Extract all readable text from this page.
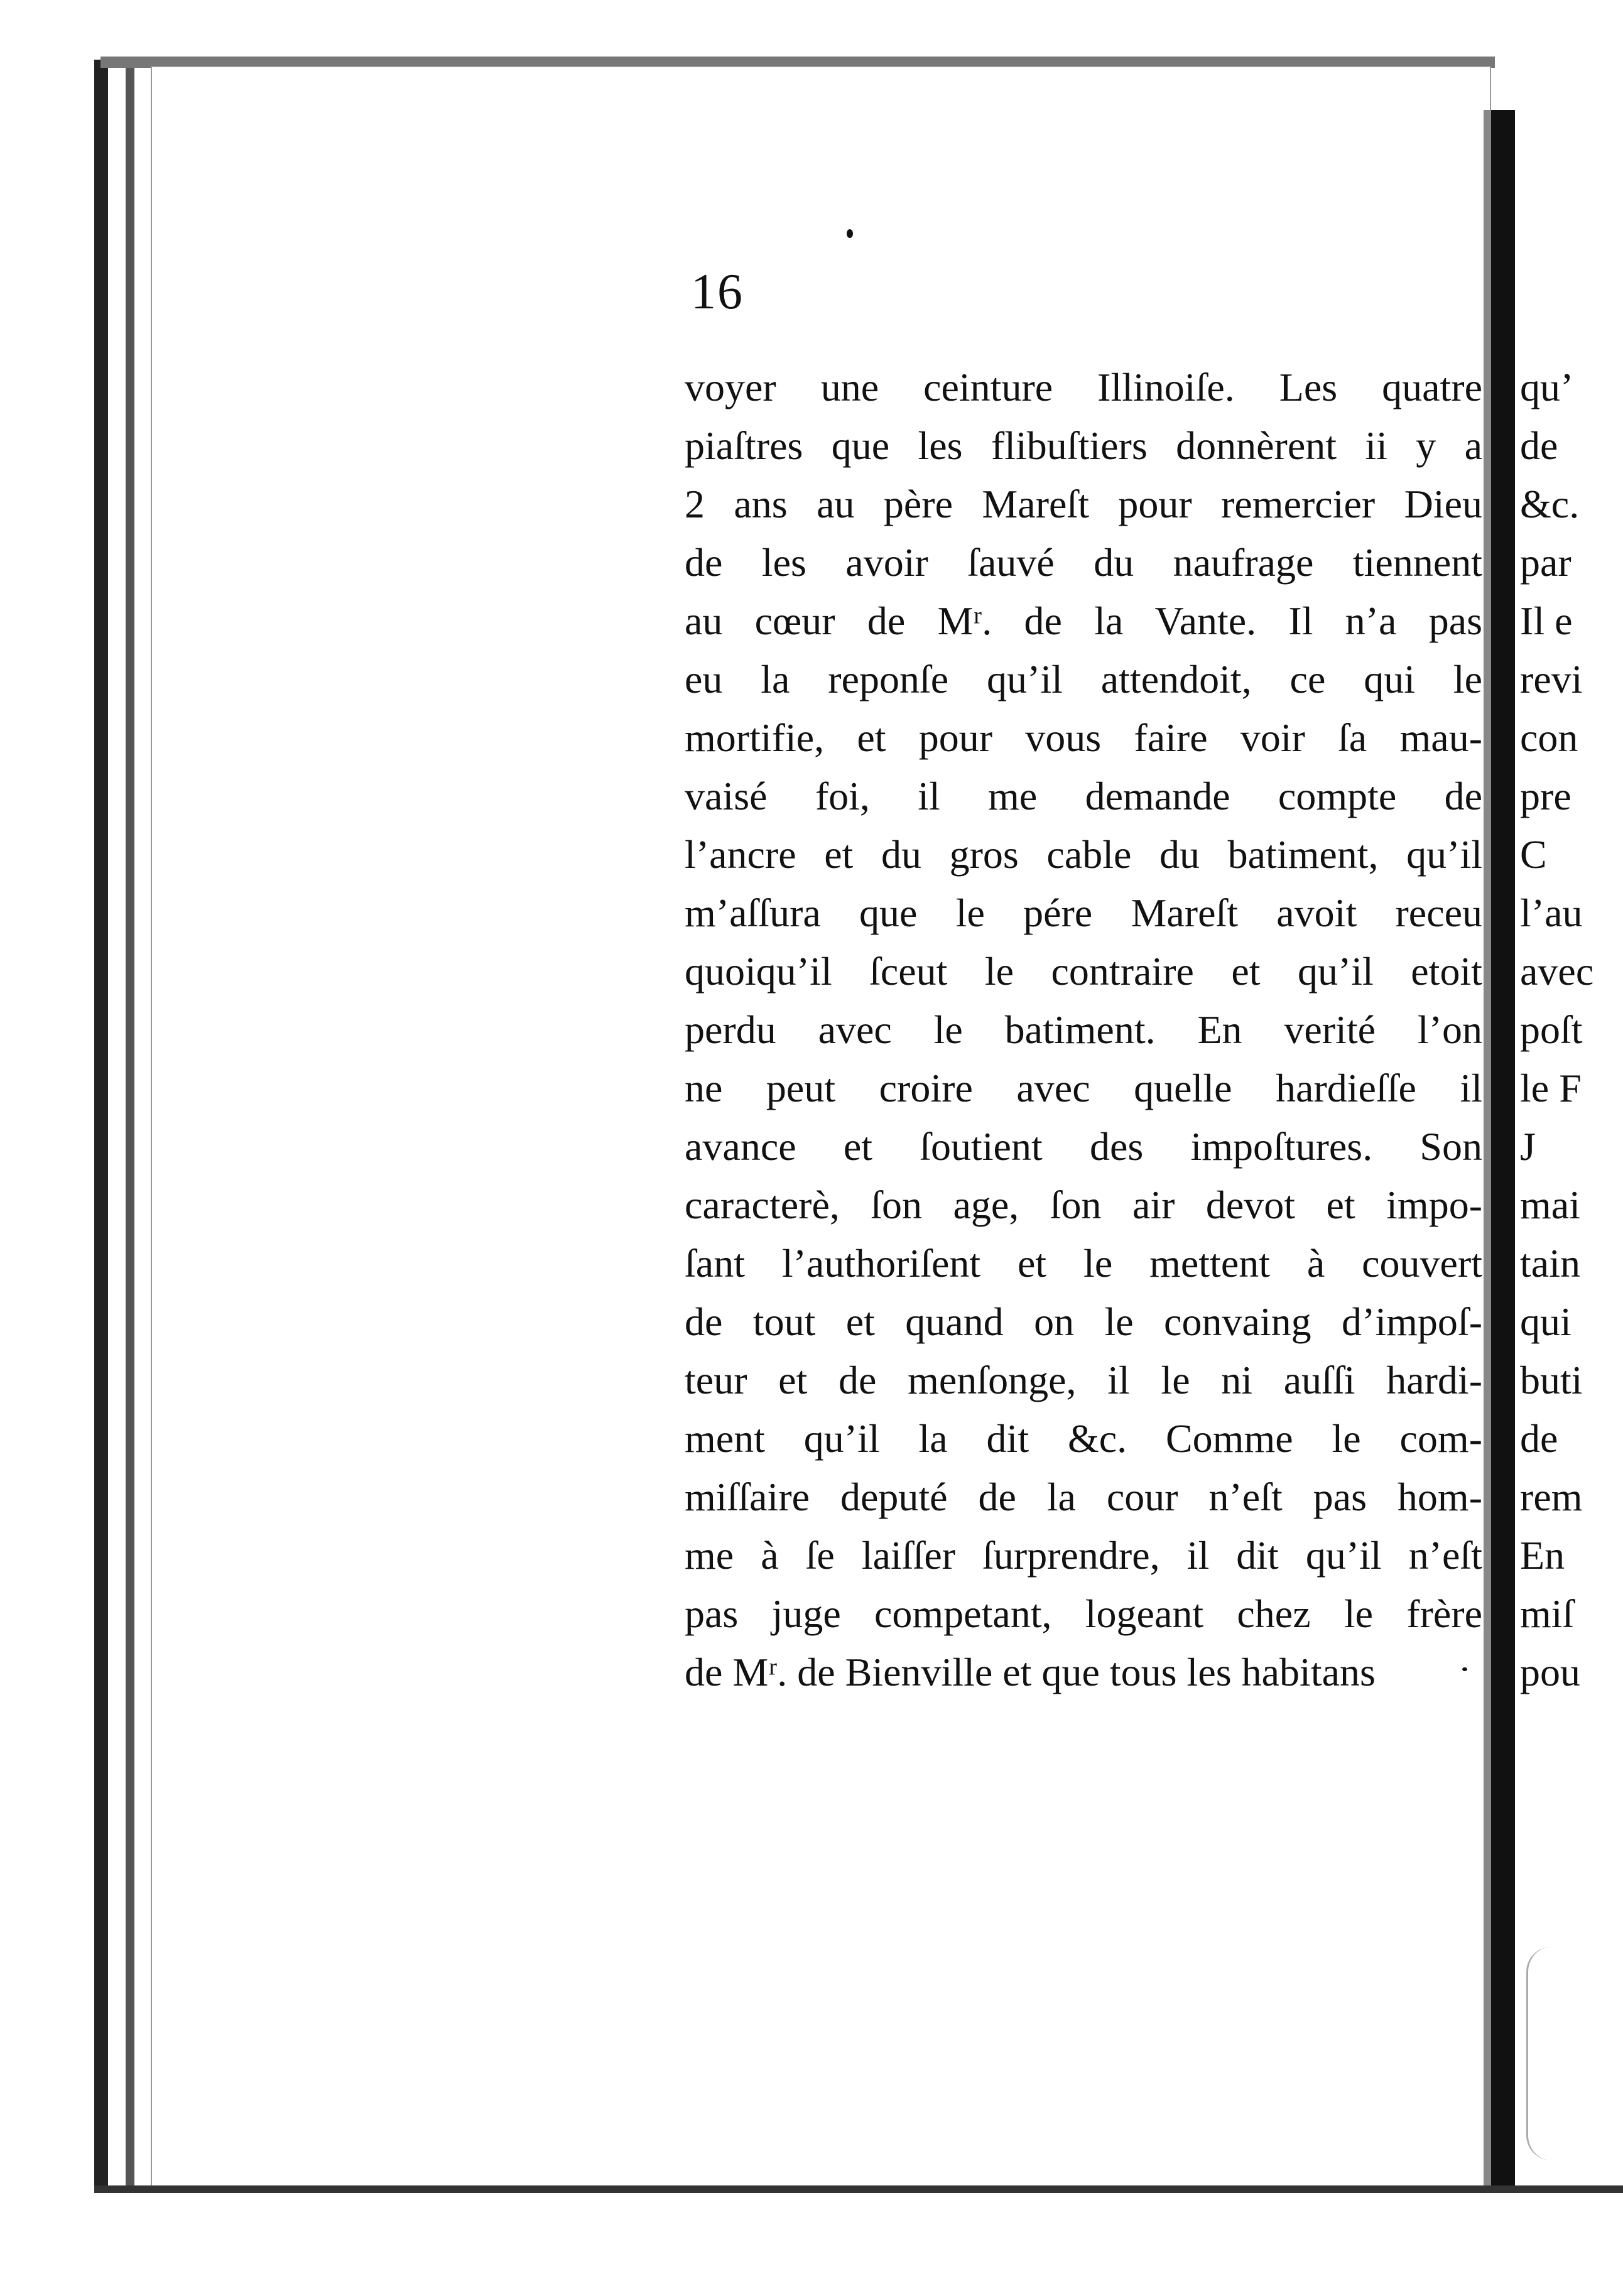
16
voyer une ceinture Illinoiſe. Les quatre
piaſtres que les flibuſtiers donnèrent ii y a
2 ans au père Mareſt pour remercier Dieu
de les avoir ſauvé du naufrage tiennent
au cœur de Mʳ. de la Vante. Il n’a pas
eu la reponſe qu’il attendoit, ce qui le
mortifie, et pour vous faire voir ſa mau-
vaisé foi, il me demande compte de
l’ancre et du gros cable du batiment, qu’il
m’aſſura que le pére Mareſt avoit receu
quoiqu’il ſceut le contraire et qu’il etoit
perdu avec le batiment. En verité l’on
ne peut croire avec quelle hardieſſe il
avance et ſoutient des impoſtures. Son
caracterè, ſon age, ſon air devot et impo-
ſant l’authoriſent et le mettent à couvert
de tout et quand on le convaing d’impoſ-
teur et de menſonge, il le ni auſſi hardi-
ment qu’il la dit &c. Comme le com-
miſſaire deputé de la cour n’eſt pas hom-
me à ſe laiſſer ſurprendre, il dit qu’il n’eſt
pas juge competant, logeant chez le frère
de Mʳ. de Bienville et que tous les habitans
qu’
de
&c.
par
Il e
revi
con
pre
C
l’au
avec
poſt
le F
J
mai
tain
qui
buti
de
rem
En
miſ
pou
